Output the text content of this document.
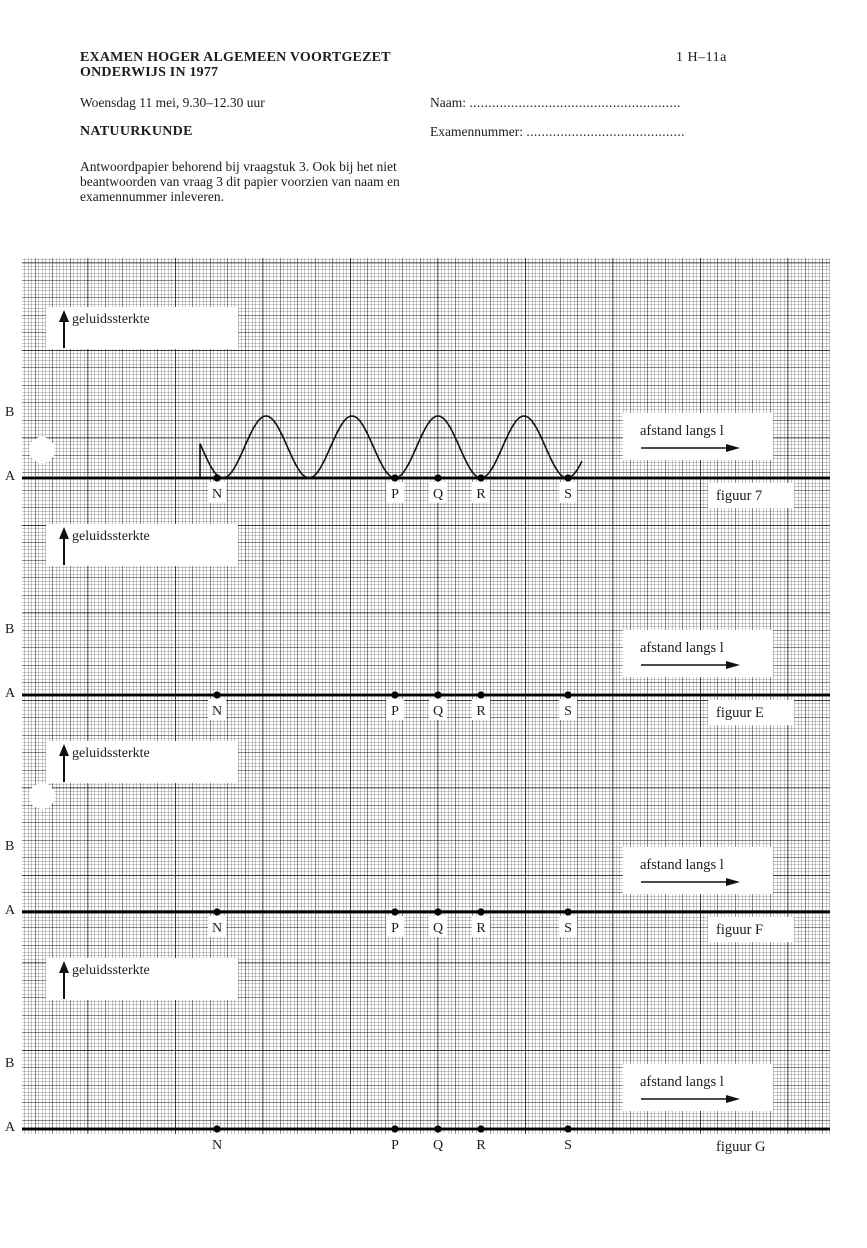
EXAMEN HOGER ALGEMEEN VOORTGEZET
ONDERWIJS IN 1977
1 H–11a
Woensdag 11 mei, 9.30–12.30 uur	Naam: ........................................................
NATUURKUNDE	Examennummer: ..........................................
Antwoordpapier behorend bij vraagstuk 3. Ook bij het niet beantwoorden van vraag 3 dit papier voorzien van naam en examennummer inleveren.
geluidssterkte
afstand langs l
figuur 7
B
A
N	P Q R	S
geluidssterkte
afstand langs l
figuur E
B
A
N	P Q R	S
geluidssterkte
afstand langs l
figuur F
B
A
N	P Q R	S
geluidssterkte
afstand langs l
figuur G
B
A
N	P Q R	S
